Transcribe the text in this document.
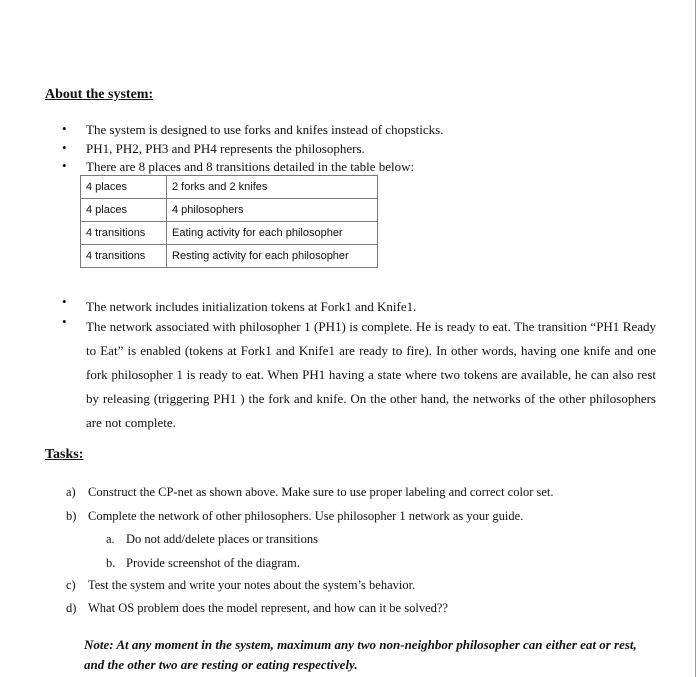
About the system:
•	The system is designed to use forks and knifes instead of chopsticks.
•	PH1, PH2, PH3 and PH4 represents the philosophers.
•	There are 8 places and 8 transitions detailed in the table below:
4 places	2 forks and 2 knifes
4 places	4 philosophers
4 transitions	Eating activity for each philosopher
4 transitions	Resting activity for each philosopher
•	The network includes initialization tokens at Fork1 and Knife1.
•	The network associated with philosopher 1 (PH1) is complete. He is ready to eat. The transition “PH1 Ready to Eat” is enabled (tokens at Fork1 and Knife1 are ready to fire). In other words, having one knife and one fork philosopher 1 is ready to eat. When PH1 having a state where two tokens are available, he can also rest by releasing (triggering PH1 ) the fork and knife. On the other hand, the networks of the other philosophers are not complete.
Tasks:
a) Construct the CP-net as shown above. Make sure to use proper labeling and correct color set.
b) Complete the network of other philosophers. Use philosopher 1 network as your guide.
a. Do not add/delete places or transitions
b. Provide screenshot of the diagram.
c) Test the system and write your notes about the system’s behavior.
d) What OS problem does the model represent, and how can it be solved??
Note: At any moment in the system, maximum any two non-neighbor philosopher can either eat or rest, and the other two are resting or eating respectively.
